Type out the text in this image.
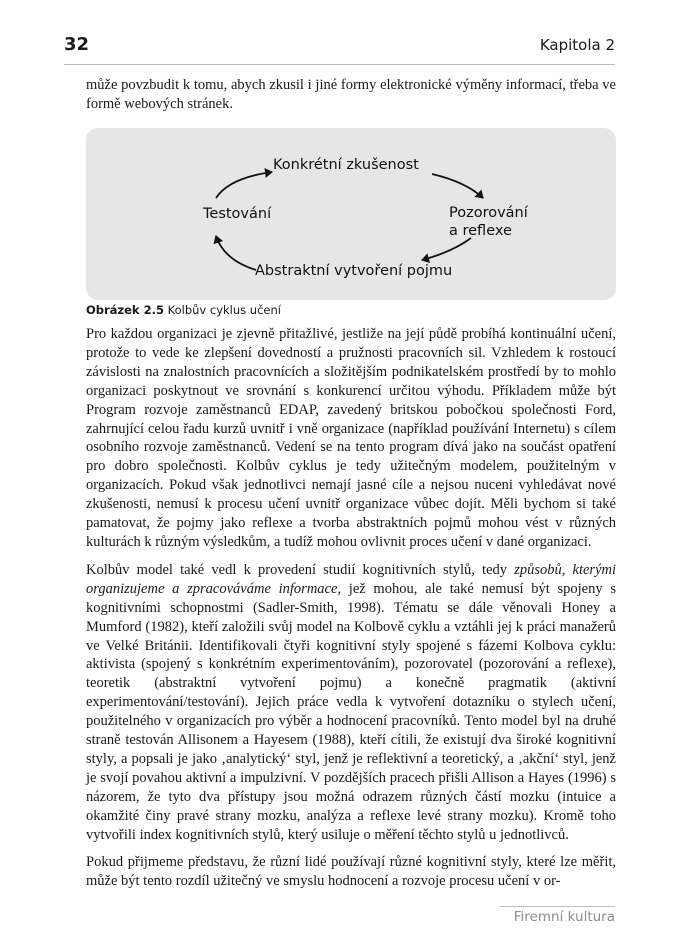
32	Kapitola 2
může povzbudit k tomu, abych zkusil i jiné formy elektronické výměny informací, třeba ve formě webových stránek.
Konkrétní zkušenost
Pozorování
a reflexe
Abstraktní vytvoření pojmu
Testování
Obrázek 2.5 Kolbův cyklus učení

Pro každou organizaci je zjevně přitažlivé, jestliže na její půdě probíhá kontinuální učení, protože to vede ke zlepšení dovedností a pružnosti pracovních sil. Vzhledem k rostoucí závislosti na znalostních pracovnících a složitějším podnikatelském prostředí by to mohlo organizaci poskytnout ve srovnání s konkurencí určitou výhodu. Příkladem může být Program rozvoje zaměstnanců EDAP, zavedený britskou pobočkou společnosti Ford, zahrnující celou řadu kurzů uvnitř i vně organizace (například používání Internetu) s cílem osobního rozvoje zaměstnanců. Vedení se na tento program dívá jako na součást opatření pro dobro společnosti. Kolbův cyklus je tedy užitečným modelem, použitelným v organizacích. Pokud však jednotlivci nemají jasné cíle a nejsou nuceni vyhledávat nové zkušenosti, nemusí k procesu učení uvnitř organizace vůbec dojít. Měli bychom si také pamatovat, že pojmy jako reflexe a tvorba abstraktních pojmů mohou vést v různých kulturách k různým výsledkům, a tudíž mohou ovlivnit proces učení v dané organizaci.

Kolbův model také vedl k provedení studií kognitivních stylů, tedy způsobů, kterými organizujeme a zpracováváme informace, jež mohou, ale také nemusí být spojeny s kognitivními schopnostmi (Sadler-Smith, 1998). Tématu se dále věnovali Honey a Mumford (1982), kteří založili svůj model na Kolbově cyklu a vztáhli jej k práci manažerů ve Velké Británii. Identifikovali čtyři kognitivní styly spojené s fázemi Kolbova cyklu: aktivista (spojený s konkrétním experimentováním), pozorovatel (pozorování a reflexe), teoretik (abstraktní vytvoření pojmu) a konečně pragmatik (aktivní experimentování/testování). Jejich práce vedla k vytvoření dotazníku o stylech učení, použitelného v organizacích pro výběr a hodnocení pracovníků. Tento model byl na druhé straně testován Allisonem a Hayesem (1988), kteří cítili, že existují dva široké kognitivní styly, a popsali je jako ‚analytický‘ styl, jenž je reflektivní a teoretický, a ‚akční‘ styl, jenž je svojí povahou aktivní a impulzivní. V pozdějších pracech přišli Allison a Hayes (1996) s názorem, že tyto dva přístupy jsou možná odrazem různých částí mozku (intuice a okamžité činy pravé strany mozku, analýza a reflexe levé strany mozku). Kromě toho vytvořili index kognitivních stylů, který usiluje o měření těchto stylů u jednotlivců.

Pokud přijmeme představu, že různí lidé používají různé kognitivní styly, které lze měřit, může být tento rozdíl užitečný ve smyslu hodnocení a rozvoje procesu učení v or-

Firemní kultura
